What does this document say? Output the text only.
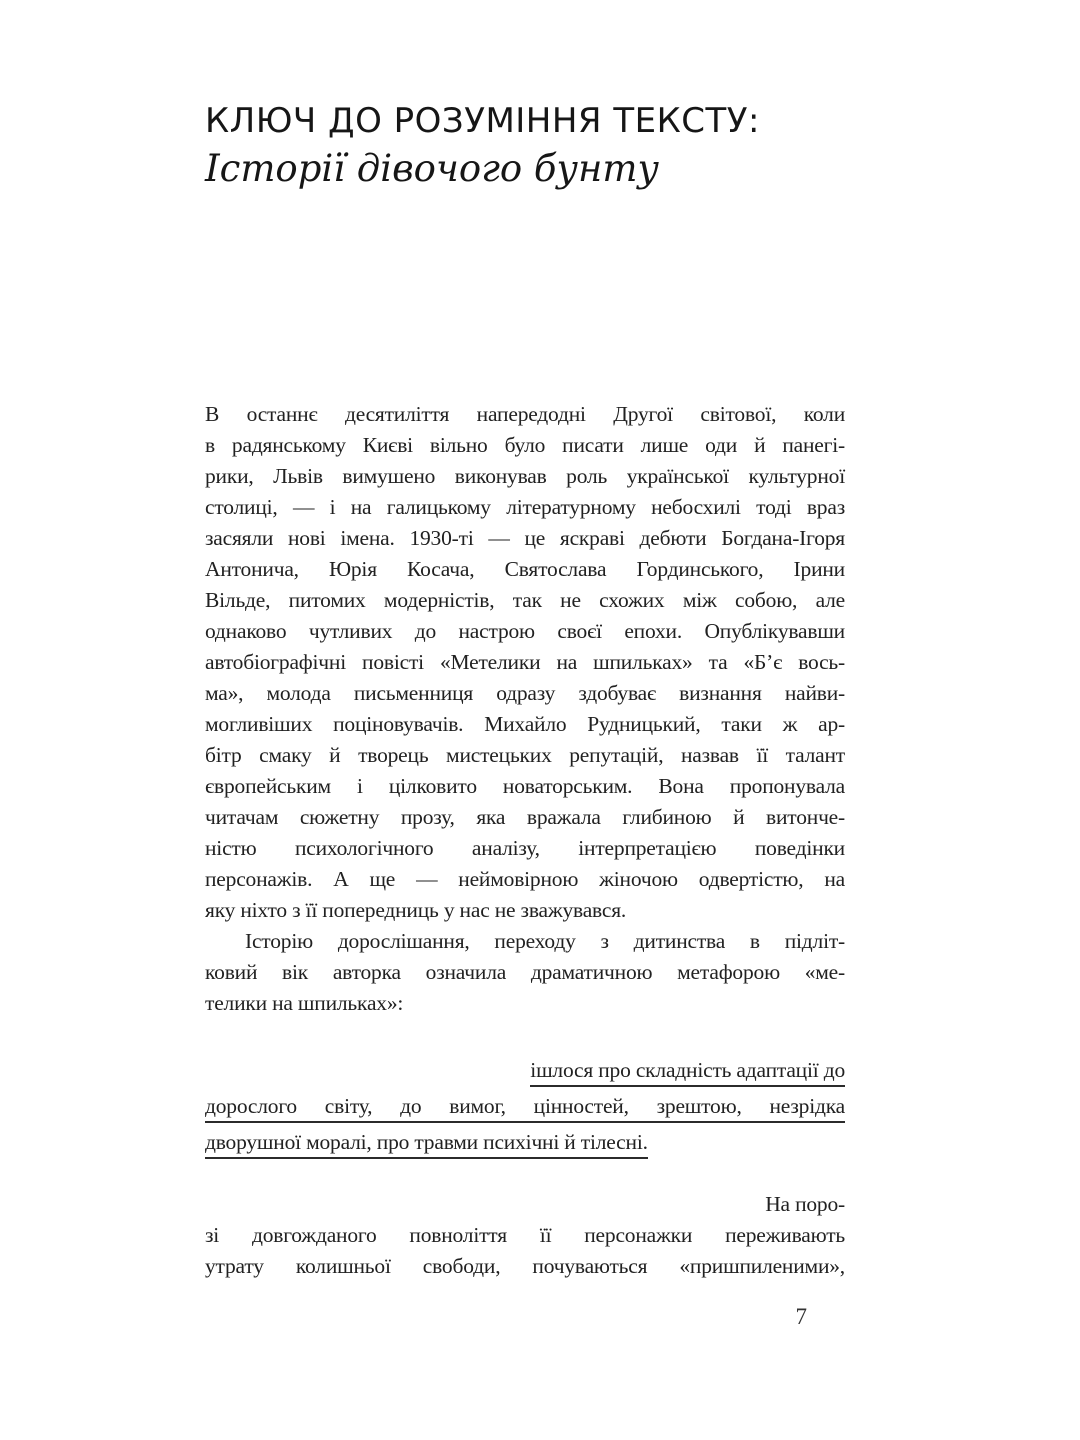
КЛЮЧ ДО РОЗУМІННЯ ТЕКСТУ:
Історії дівочого бунту
В останнє десятиліття напередодні Другої світової, коли
в радянському Києві вільно було писати лише оди й панегі-
рики, Львів вимушено виконував роль української культурної
столиці, — і на галицькому літературному небосхилі тоді враз
засяяли нові імена. 1930-ті — це яскраві дебюти Богдана-Ігоря
Антонича, Юрія Косача, Святослава Гординського, Ірини
Вільде, питомих модерністів, так не схожих між собою, але
однаково чутливих до настрою своєї епохи. Опублікувавши
автобіографічні повісті «Метелики на шпильках» та «Б’є вось-
ма», молода письменниця одразу здобуває визнання найви-
могливіших поціновувачів. Михайло Рудницький, таки ж ар-
бітр смаку й творець мистецьких репутацій, назвав її талант
європейським і цілковито новаторським. Вона пропонувала
читачам сюжетну прозу, яка вражала глибиною й витонче-
ністю психологічного аналізу, інтерпретацією поведінки
персонажів. А ще — неймовірною жіночою одвертістю, на
яку ніхто з її попередниць у нас не зважувався.
Історію дорослішання, переходу з дитинства в підліт-
ковий вік авторка означила драматичною метафорою «ме-
телики на шпильках»:
ішлося про складність адаптації до
дорослого світу, до вимог, цінностей, зрештою, незрідка
дворушної моралі, про травми психічні й тілесні.
На поро-
зі довгожданого повноліття її персонажки переживають
утрату колишньої свободи, почуваються «пришпиленими»,
7
